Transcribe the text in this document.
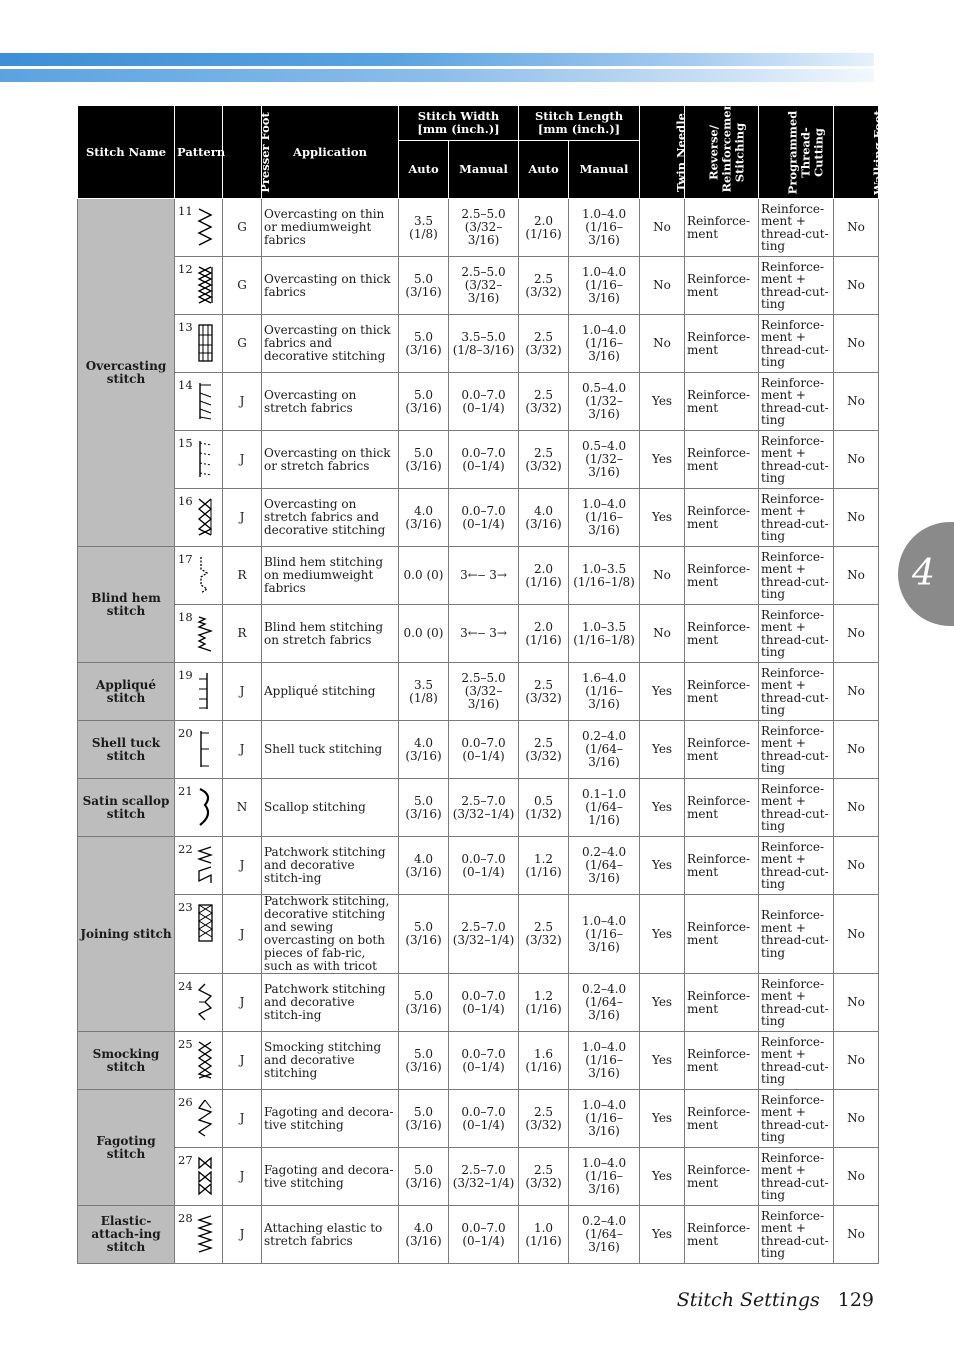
4
Stitch Name	Pattern	Presser Foot	Application	Stitch Width [mm (inch.)]		Stitch Length [mm (inch.)]		Twin Needle	Reverse/ Reinforcement Stitching	Programmed Thread-Cutting	Walking Foot
				Auto	Manual	Auto	Manual				
Overcasting stitch	11	G	Overcasting on thin or mediumweight fabrics	3.5 (1/8)	2.5–5.0 (3/32–3/16)	2.0 (1/16)	1.0–4.0 (1/16–3/16)	No	Reinforce-ment	Reinforce-ment + thread-cut-ting	No

	12	G	Overcasting on thick fabrics	5.0 (3/16)	2.5–5.0 (3/32–3/16)	2.5 (3/32)	1.0–4.0 (1/16–3/16)	No	Reinforce-ment	Reinforce-ment + thread-cut-ting	No

	13	G	Overcasting on thick fabrics and decorative stitching	5.0 (3/16)	3.5–5.0 (1/8–3/16)	2.5 (3/32)	1.0–4.0 (1/16–3/16)	No	Reinforce-ment	Reinforce-ment + thread-cut-ting	No

	14	J	Overcasting on stretch fabrics	5.0 (3/16)	0.0–7.0 (0–1/4)	2.5 (3/32)	0.5–4.0 (1/32–3/16)	Yes	Reinforce-ment	Reinforce-ment + thread-cut-ting	No

	15	J	Overcasting on thick or stretch fabrics	5.0 (3/16)	0.0–7.0 (0–1/4)	2.5 (3/32)	0.5–4.0 (1/32–3/16)	Yes	Reinforce-ment	Reinforce-ment + thread-cut-ting	No

	16	J	Overcasting on stretch fabrics and decorative stitching	4.0 (3/16)	0.0–7.0 (0–1/4)	4.0 (3/16)	1.0–4.0 (1/16–3/16)	Yes	Reinforce-ment	Reinforce-ment + thread-cut-ting	No
Blind hem stitch	17	R	Blind hem stitching on mediumweight fabrics	0.0 (0)	3←‒ 3→	2.0 (1/16)	1.0–3.5 (1/16–1/8)	No	Reinforce-ment	Reinforce-ment + thread-cut-ting	No

	18	R	Blind hem stitching on stretch fabrics	0.0 (0)	3←‒ 3→	2.0 (1/16)	1.0–3.5 (1/16–1/8)	No	Reinforce-ment	Reinforce-ment + thread-cut-ting	No
Appliqué stitch	19	J	Appliqué stitching	3.5 (1/8)	2.5–5.0 (3/32–3/16)	2.5 (3/32)	1.6–4.0 (1/16–3/16)	Yes	Reinforce-ment	Reinforce-ment + thread-cut-ting	No
Shell tuck stitch	20	J	Shell tuck stitching	4.0 (3/16)	0.0–7.0 (0–1/4)	2.5 (3/32)	0.2–4.0 (1/64–3/16)	Yes	Reinforce-ment	Reinforce-ment + thread-cut-ting	No
Satin scallop stitch	21	N	Scallop stitching	5.0 (3/16)	2.5–7.0 (3/32–1/4)	0.5 (1/32)	0.1–1.0 (1/64–1/16)	Yes	Reinforce-ment	Reinforce-ment + thread-cut-ting	No
Joining stitch	22	J	Patchwork stitching and decorative stitch-ing	4.0 (3/16)	0.0–7.0 (0–1/4)	1.2 (1/16)	0.2–4.0 (1/64–3/16)	Yes	Reinforce-ment	Reinforce-ment + thread-cut-ting	No

	23	J	Patchwork stitching, decorative stitching and sewing overcasting on both pieces of fab-ric, such as with tricot	5.0 (3/16)	2.5–7.0 (3/32–1/4)	2.5 (3/32)	1.0–4.0 (1/16–3/16)	Yes	Reinforce-ment	Reinforce-ment + thread-cut-ting	No

	24	J	Patchwork stitching and decorative stitch-ing	5.0 (3/16)	0.0–7.0 (0–1/4)	1.2 (1/16)	0.2–4.0 (1/64–3/16)	Yes	Reinforce-ment	Reinforce-ment + thread-cut-ting	No
Smocking stitch	25	J	Smocking stitching and decorative stitching	5.0 (3/16)	0.0–7.0 (0–1/4)	1.6 (1/16)	1.0–4.0 (1/16–3/16)	Yes	Reinforce-ment	Reinforce-ment + thread-cut-ting	No
Fagoting stitch	26	J	Fagoting and decora-tive stitching	5.0 (3/16)	0.0–7.0 (0–1/4)	2.5 (3/32)	1.0–4.0 (1/16–3/16)	Yes	Reinforce-ment	Reinforce-ment + thread-cut-ting	No

	27	J	Fagoting and decora-tive stitching	5.0 (3/16)	2.5–7.0 (3/32–1/4)	2.5 (3/32)	1.0–4.0 (1/16–3/16)	Yes	Reinforce-ment	Reinforce-ment + thread-cut-ting	No
Elastic-attach-ing stitch	28	J	Attaching elastic to stretch fabrics	4.0 (3/16)	0.0–7.0 (0–1/4)	1.0 (1/16)	0.2–4.0 (1/64–3/16)	Yes	Reinforce-ment	Reinforce-ment + thread-cut-ting	No
Stitch Settings 129
